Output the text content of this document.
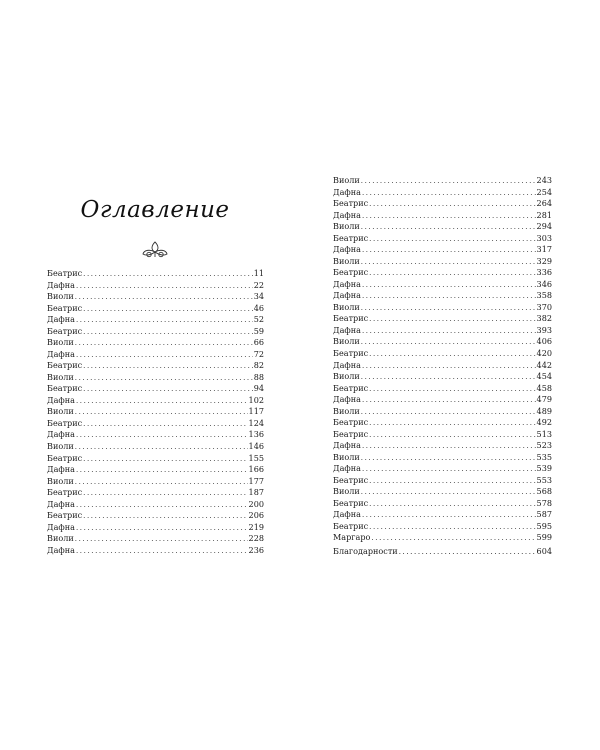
Оглавление
Беатрис .....	11
Дафна .....	22
Виоли .....	34
Беатрис .....	46
Дафна .....	52
Беатрис .....	59
Виоли .....	66
Дафна .....	72
Беатрис .....	82
Виоли .....	88
Беатрис .....	94
Дафна .....	102
Виоли .....	117
Беатрис .....	124
Дафна .....	136
Виоли .....	146
Беатрис .....	155
Дафна .....	166
Виоли .....	177
Беатрис .....	187
Дафна .....	200
Беатрис .....	206
Дафна .....	219
Виоли .....	228
Дафна .....	236
Виоли .....	243
Дафна .....	254
Беатрис .....	264
Дафна .....	281
Виоли .....	294
Беатрис .....	303
Дафна .....	317
Виоли .....	329
Беатрис .....	336
Дафна .....	346
Дафна .....	358
Виоли .....	370
Беатрис .....	382
Дафна .....	393
Виоли .....	406
Беатрис .....	420
Дафна .....	442
Виоли .....	454
Беатрис .....	458
Дафна .....	479
Виоли .....	489
Беатрис .....	492
Беатрис .....	513
Дафна .....	523
Виоли .....	535
Дафна .....	539
Беатрис .....	553
Виоли .....	568
Беатрис .....	578
Дафна .....	587
Беатрис .....	595
Маргаро .....	599
Благодарности .....	604
